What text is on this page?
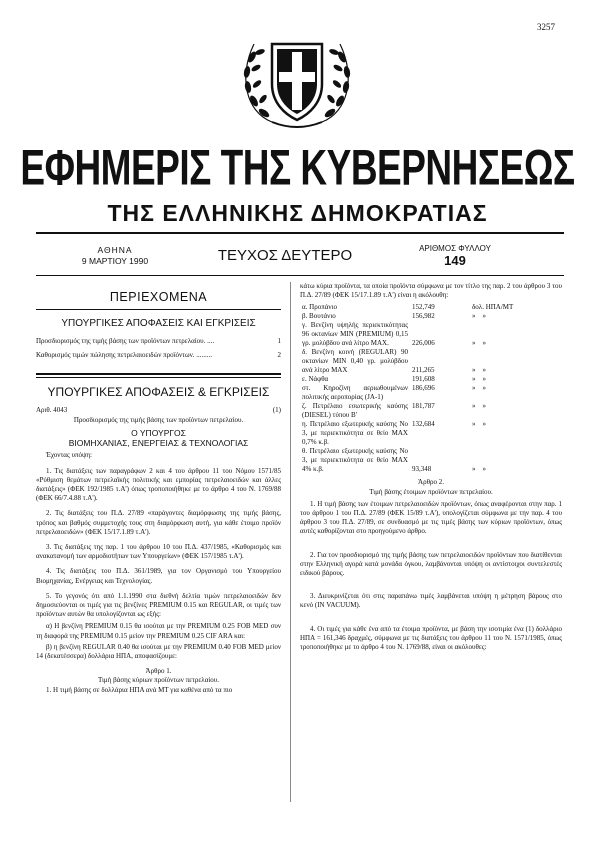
3257
ΕΦΗΜΕΡΙΣ ΤΗΣ ΚΥΒΕΡΝΗΣΕΩΣ
ΤΗΣ ΕΛΛΗΝΙΚΗΣ ΔΗΜΟΚΡΑΤΙΑΣ
ΑΘΗΝΑ
9 ΜΑΡΤΙΟΥ 1990	ΤΕΥΧΟΣ ΔΕΥΤΕΡΟ	ΑΡΙΘΜΟΣ ΦΥΛΛΟΥ
149
ΠΕΡΙΕΧΟΜΕΝΑ
ΥΠΟΥΡΓΙΚΕΣ ΑΠΟΦΑΣΕΙΣ ΚΑΙ ΕΓΚΡΙΣΕΙΣ
Προσδιορισμός της τιμής βάσης των προϊόντων πετρελαίου. ....	1
Καθορισμός τιμών πώλησης πετρελαιοειδών προϊόντων. .........	2
ΥΠΟΥΡΓΙΚΕΣ ΑΠΟΦΑΣΕΙΣ & ΕΓΚΡΙΣΕΙΣ
Αριθ. 4043	(1)
Προσδιορισμός της τιμής βάσης των προϊόντων πετρελαίου.
Ο ΥΠΟΥΡΓΟΣ
ΒΙΟΜΗΧΑΝΙΑΣ, ΕΝΕΡΓΕΙΑΣ & ΤΕΧΝΟΛΟΓΙΑΣ
Έχοντας υπόψη:
1. Τις διατάξεις των παραγράφων 2 και 4 του άρθρου 11 του Νόμου 1571/85 «Ρύθμιση θεμάτων πετρελαϊκής πολιτικής και εμπορίας πετρελαιοειδών και άλλες διατάξεις» (ΦΕΚ 192/1985 τ.Α') όπως τροποποιήθηκε με το άρθρο 4 του Ν. 1769/88 (ΦΕΚ 66/7.4.88 τ.Α').
2. Τις διατάξεις του Π.Δ. 27/89 «παράγοντες διαμόρφωσης της τιμής βάσης, τρόπος και βαθμός συμμετοχής τους στη διαμόρφωση αυτή, για κάθε έτοιμο προϊόν πετρελαιοειδών» (ΦΕΚ 15/17.1.89 τ.Α').
3. Τις διατάξεις της παρ. 1 του άρθρου 10 του Π.Δ. 437/1985, «Καθορισμός και ανακατανομή των αρμοδιοτήτων των Υπουργείων» (ΦΕΚ 157/1985 τ.Α').
4. Τις διατάξεις του Π.Δ. 361/1989, για τον Οργανισμό του Υπουργείου Βιομηχανίας, Ενέργειας και Τεχνολογίας.
5. Το γεγονός ότι από 1.1.1990 στα διεθνή δελτία τιμών πετρελαιοειδών δεν δημοσιεύονται οι τιμές για τις βενζίνες PREMIUM 0.15 και REGULAR, οι τιμές των προϊόντων αυτών θα υπολογίζονται ως εξής:
α) Η βενζίνη PREMIUM 0.15 θα ισούται με την PREMIUM 0.25 FOB MED συν τη διαφορά της PREMIUM 0.15 μείον την PREMIUM 0.25 CIF ARA και:
β) η βενζίνη REGULAR 0.40 θα ισούται με την PREMIUM 0.40 FOB MED μείον 14 (δεκατέσσερα) δολλάρια ΗΠΑ, αποφασίζουμε:
Άρθρο 1.
Τιμή βάσης κύριων προϊόντων πετρελαίου.
1. Η τιμή βάσης σε δολλάρια ΗΠΑ ανά ΜΤ για καθένα από τα πιο
κάτω κύρια προϊόντα, τα οποία προϊόντα σύμφωνα με τον τίτλο της παρ. 2 του άρθρου 3 του Π.Δ. 27/89 (ΦΕΚ 15/17.1.89 τ.Α') είναι η ακόλουθη:
α. Προπάνιο	152,749	δολ. ΗΠΑ/ΜΤ
β. Βουτάνιο	156,982	»    »
γ. Βενζίνη υψηλής περιεκτικότητας 96 οκτανίων MIN (PREMIUM) 0,15 γρ. μολύβδου ανά λίτρο MAX.	226,006	»    »
δ. Βενζίνη κοινή (REGULAR) 90 οκτανίων MIN 0,40 γρ. μολύβδου ανά λίτρο MAX	211,265	»    »
ε. Νάφθα	191,608	»    »
στ. Κηροζίνη αεριωθουμένων πολιτικής αεροπορίας (JA-1)	186,696	»    »
ζ. Πετρέλαιο εσωτερικής καύσης (DIESEL) τύπου Β'	181,787	»    »
η. Πετρέλαιο εξωτερικής καύσης Νο 3, με περιεκτικότητα σε θείο MAX 0,7% κ.β.	132,684	»    »
θ. Πετρέλαιο εξωτερικής καύσης Νο 3, με περιεκτικότητα σε θείο MAX 4% κ.β.	93,348	»    »
Άρθρο 2.
Τιμή βάσης έτοιμων προϊόντων πετρελαίου.
1. Η τιμή βάσης των έτοιμων πετρελαιοειδών προϊόντων, όπως αναφέρονται στην παρ. 1 του άρθρου 1 του Π.Δ. 27/89 (ΦΕΚ 15/89 τ.Α'), υπολογίζεται σύμφωνα με την παρ. 4 του άρθρου 3 του Π.Δ. 27/89, σε συνδυασμό με τις τιμές βάσης των κύριων προϊόντων, όπως αυτές καθορίζονται στο προηγούμενο άρθρο.
2. Για τον προσδιορισμό της τιμής βάσης των πετρελαιοειδών προϊόντων που διατίθενται στην Ελληνική αγορά κατά μονάδα όγκου, λαμβάνονται υπόψη οι αντίστοιχοι συντελεστές ειδικού βάρους.
3. Διευκρινίζεται ότι στις παραπάνω τιμές λαμβάνεται υπόψη η μέτρηση βάρους στο κενό (IN VACUUM).
4. Οι τιμές για κάθε ένα από τα έτοιμα προϊόντα, με βάση την ισοτιμία ένα (1) δολλάριο ΗΠΑ = 161,346 δραχμές, σύμφωνα με τις διατάξεις του άρθρου 11 του Ν. 1571/1985, όπως τροποποιήθηκε με το άρθρο 4 του Ν. 1769/88, είναι οι ακόλουθες:
